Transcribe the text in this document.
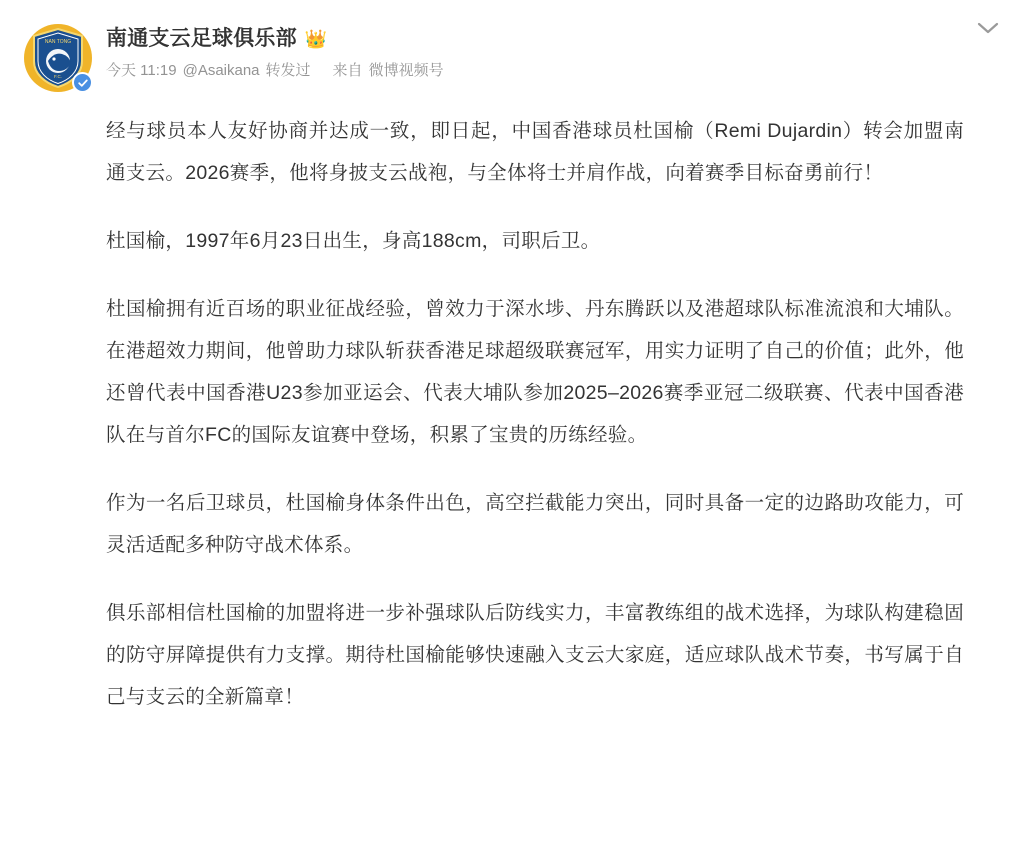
NAN TONG
F.C.
南通支云足球俱乐部 👑
今天 11:19 @Asaikana 转发过 来自 微博视频号

经与球员本人友好协商并达成一致，即日起，中国香港球员杜国榆（Remi Dujardin）转会加盟南通支云。2026赛季，他将身披支云战袍，与全体将士并肩作战，向着赛季目标奋勇前行！

杜国榆，1997年6月23日出生，身高188cm，司职后卫。

杜国榆拥有近百场的职业征战经验，曾效力于深水埗、丹东腾跃以及港超球队标准流浪和大埔队。在港超效力期间，他曾助力球队斩获香港足球超级联赛冠军，用实力证明了自己的价值；此外，他还曾代表中国香港U23参加亚运会、代表大埔队参加2025–2026赛季亚冠二级联赛、代表中国香港队在与首尔FC的国际友谊赛中登场，积累了宝贵的历练经验。

作为一名后卫球员，杜国榆身体条件出色，高空拦截能力突出，同时具备一定的边路助攻能力，可灵活适配多种防守战术体系。

俱乐部相信杜国榆的加盟将进一步补强球队后防线实力，丰富教练组的战术选择，为球队构建稳固的防守屏障提供有力支撑。期待杜国榆能够快速融入支云大家庭，适应球队战术节奏，书写属于自己与支云的全新篇章！
